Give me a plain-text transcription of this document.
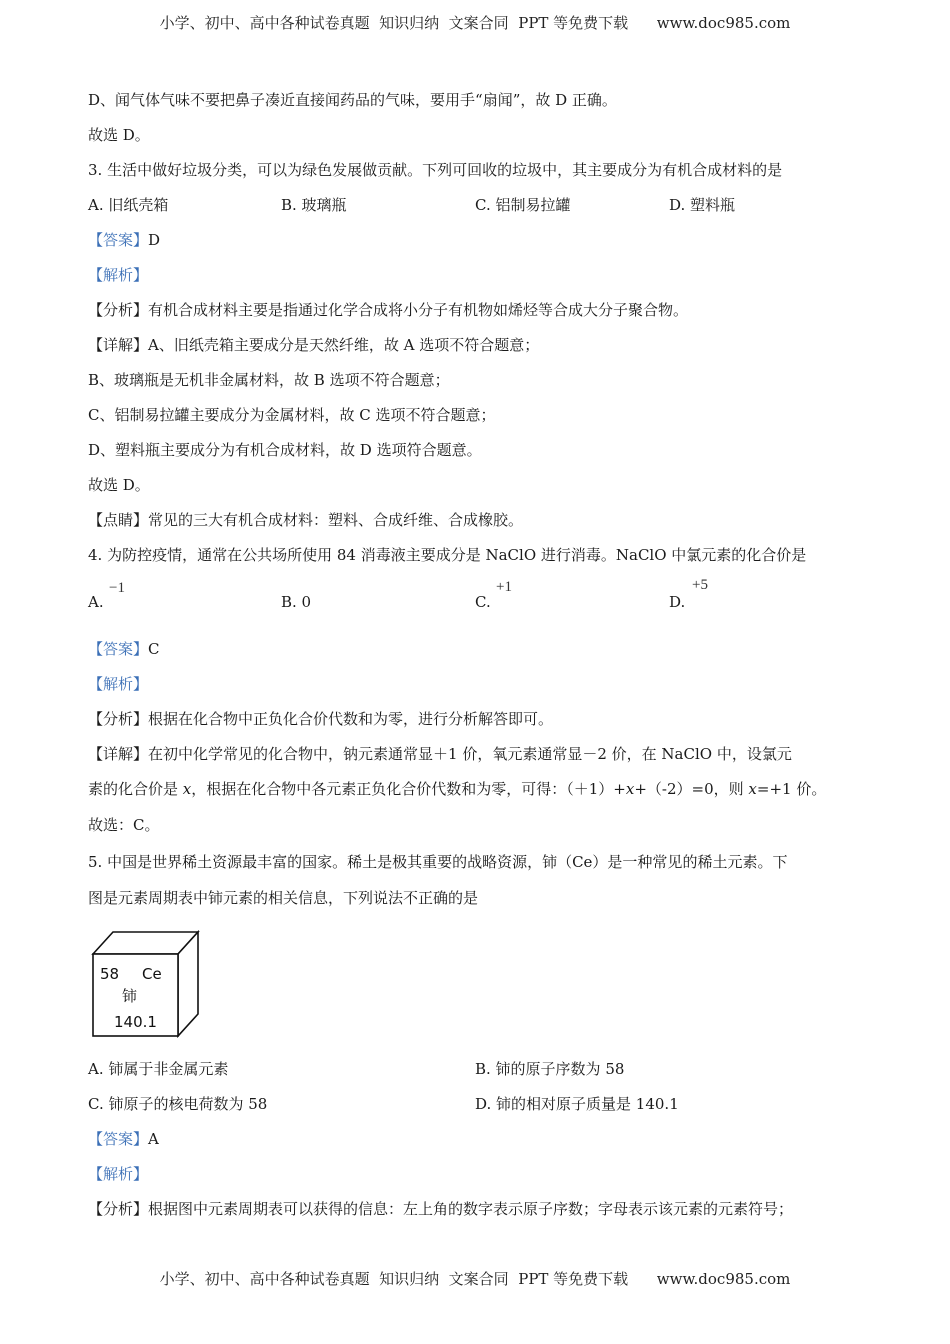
小学、初中、高中各种试卷真题  知识归纳  文案合同  PPT 等免费下载      www.doc985.com
D、闻气体气味不要把鼻子凑近直接闻药品的气味，要用手“扇闻”，故 D 正确。
故选 D。
3. 生活中做好垃圾分类，可以为绿色发展做贡献。下列可回收的垃圾中，其主要成分为有机合成材料的是
A. 旧纸壳箱	B. 玻璃瓶	C. 铝制易拉罐	D. 塑料瓶
【答案】D
【解析】
【分析】有机合成材料主要是指通过化学合成将小分子有机物如烯烃等合成大分子聚合物。
【详解】A、旧纸壳箱主要成分是天然纤维，故 A 选项不符合题意；
B、玻璃瓶是无机非金属材料，故 B 选项不符合题意；
C、铝制易拉罐主要成分为金属材料，故 C 选项不符合题意；
D、塑料瓶主要成分为有机合成材料，故 D 选项符合题意。
故选 D。
【点睛】常见的三大有机合成材料：塑料、合成纤维、合成橡胶。
4. 为防控疫情，通常在公共场所使用 84 消毒液主要成分是 NaClO 进行消毒。NaClO 中氯元素的化合价是
A.
−1
B. 0	C.
+1
D.
+5
【答案】C
【解析】
【分析】根据在化合物中正负化合价代数和为零，进行分析解答即可。
【详解】在初中化学常见的化合物中，钠元素通常显＋1 价，氧元素通常显－2 价，在 NaClO 中，设氯元
素的化合价是 x，根据在化合物中各元素正负化合价代数和为零，可得：（＋1）+x+（-2）=0，则 x=+1 价。
故选：C。
5. 中国是世界稀土资源最丰富的国家。稀土是极其重要的战略资源，铈（Ce）是一种常见的稀土元素。下
图是元素周期表中铈元素的相关信息，下列说法不正确的是
58 Ce
铈
140.1
A. 铈属于非金属元素	B. 铈的原子序数为 58
C. 铈原子的核电荷数为 58	D. 铈的相对原子质量是 140.1
【答案】A
【解析】
【分析】根据图中元素周期表可以获得的信息：左上角的数字表示原子序数；字母表示该元素的元素符号；
小学、初中、高中各种试卷真题  知识归纳  文案合同  PPT 等免费下载      www.doc985.com
